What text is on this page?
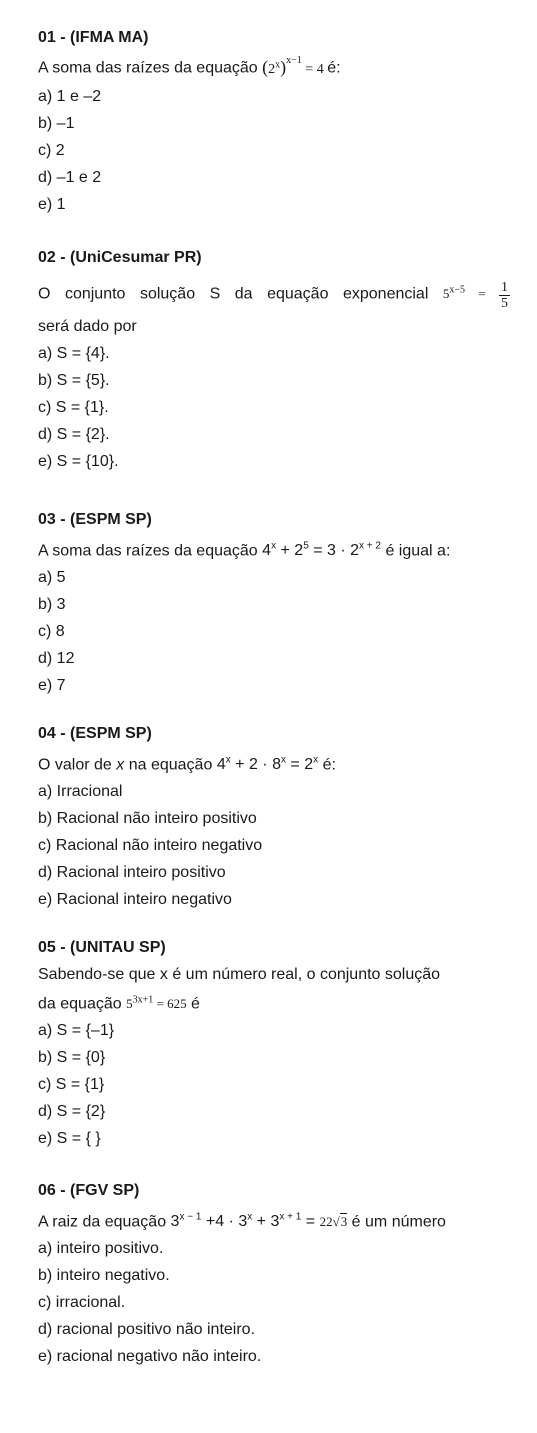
01 - (IFMA MA)
A soma das raízes da equação $(2^x)^{x-1} = 4$ é:
a) 1 e –2
b) –1
c) 2
d) –1 e 2
e) 1
02 - (UniCesumar PR)
O conjunto solução S da equação exponencial $5^{x-5} = \frac{1}{5}$
será dado por
a) S = {4}.
b) S = {5}.
c) S = {1}.
d) S = {2}.
e) S = {10}.
03 - (ESPM SP)
A soma das raízes da equação $4^x + 2^5 = 3 \cdot 2^{x + 2}$ é igual a:
a) 5
b) 3
c) 8
d) 12
e) 7
04 - (ESPM SP)
O valor de x na equação $4^x + 2 \cdot 8^x = 2^x$ é:
a) Irracional
b) Racional não inteiro positivo
c) Racional não inteiro negativo
d) Racional inteiro positivo
e) Racional inteiro negativo
05 - (UNITAU SP)
Sabendo-se que x é um número real, o conjunto solução
da equação $5^{3x+1} = 625$ é
a) S = {–1}
b) S = {0}
c) S = {1}
d) S = {2}
e) S = { }
06 - (FGV SP)
A raiz da equação $3^{x - 1} +4 \cdot 3^x + 3^{x + 1} = 22√3$ é um número
a) inteiro positivo.
b) inteiro negativo.
c) irracional.
d) racional positivo não inteiro.
e) racional negativo não inteiro.
